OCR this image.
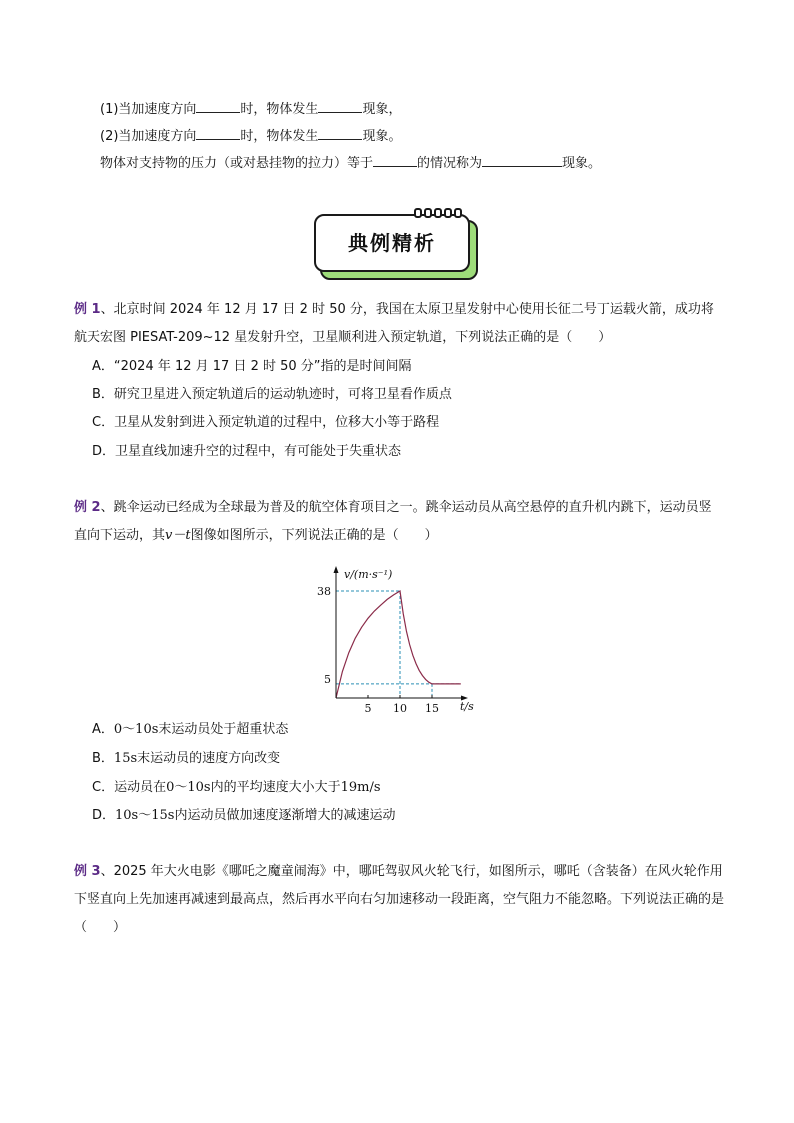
(1)当加速度方向	时，物体发生	现象，
(2)当加速度方向	时，物体发生	现象。
物体对支持物的压力（或对悬挂物的拉力）等于	的情况称为	现象。
典例精析
例 1、北京时间 2024 年 12 月 17 日 2 时 50 分，我国在太原卫星发射中心使用长征二号丁运载火箭，成功将航天宏图 PIESAT-209~12 星发射升空，卫星顺利进入预定轨道，下列说法正确的是（　　）
A．“2024 年 12 月 17 日 2 时 50 分”指的是时间间隔
B．研究卫星进入预定轨道后的运动轨迹时，可将卫星看作质点
C．卫星从发射到进入预定轨道的过程中，位移大小等于路程
D．卫星直线加速升空的过程中，有可能处于失重状态
例 2、跳伞运动已经成为全球最为普及的航空体育项目之一。跳伞运动员从高空悬停的直升机内跳下，运动员竖直向下运动，其v－t图像如图所示，下列说法正确的是（　　）
v/(m·s⁻¹)
t/s
38
5
5 10 15
A．0～10s末运动员处于超重状态
B．15s末运动员的速度方向改变
C．运动员在0～10s内的平均速度大小大于19m/s
D．10s～15s内运动员做加速度逐渐增大的减速运动
例 3、2025 年大火电影《哪吒之魔童闹海》中，哪吒驾驭风火轮飞行，如图所示，哪吒（含装备）在风火轮作用下竖直向上先加速再减速到最高点，然后再水平向右匀加速移动一段距离，空气阻力不能忽略。下列说法正确的是（　　）
